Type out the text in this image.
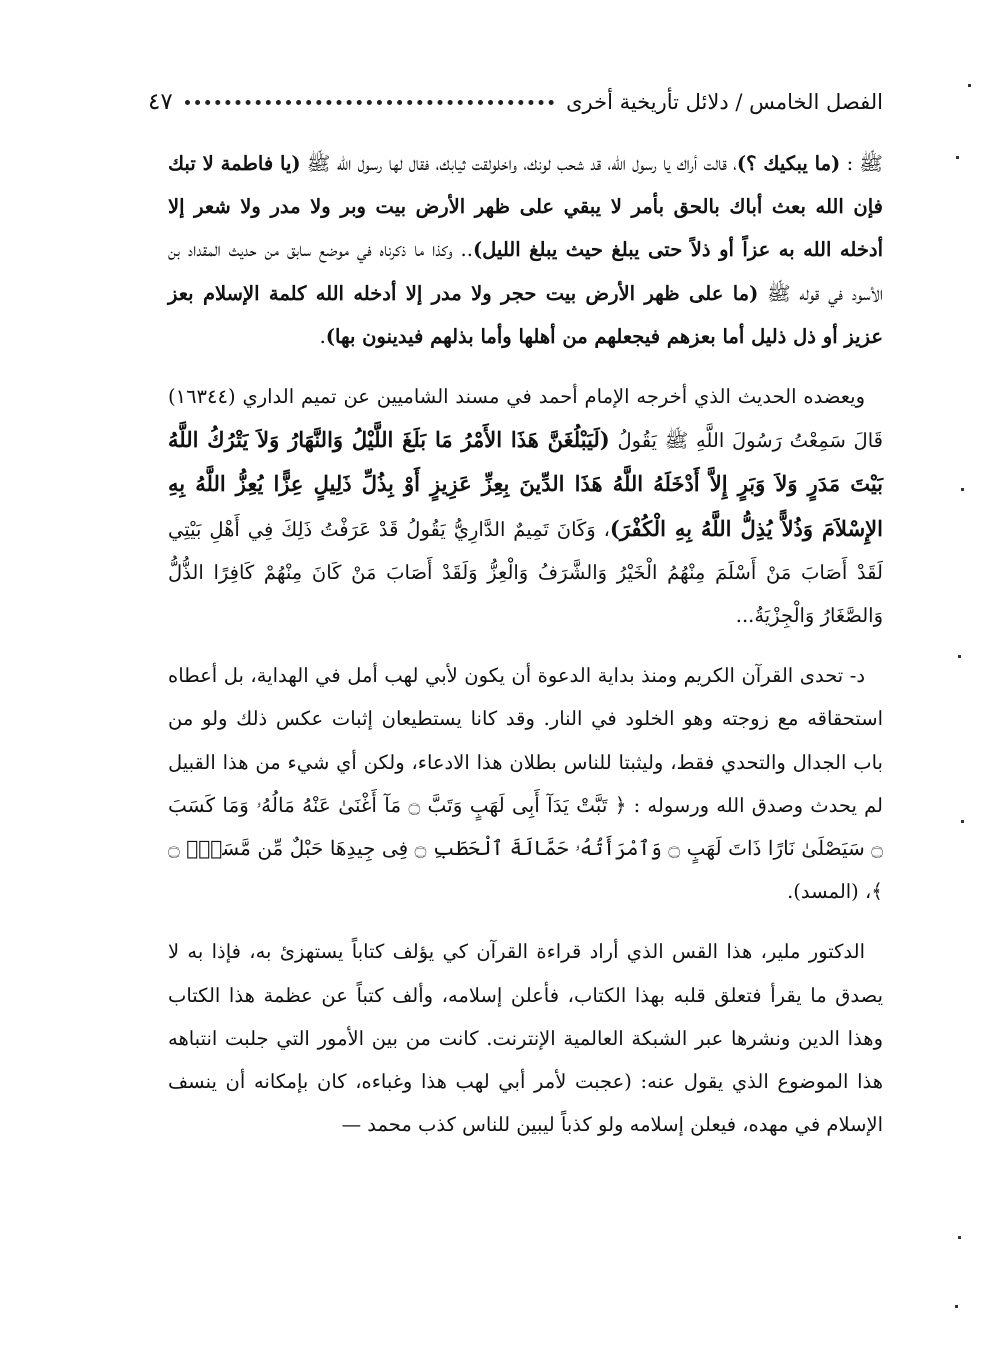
الفصل الخامس / دلائل تأريخية أخرى
٤٧

ﷺ : (ما يبكيك ؟)، قالت أراك يا رسول الله، قد شحب لونك، واخلولقت ثيابك، فقال لها رسول الله ﷺ (يا فاطمة لا تبك فإن الله بعث أباك بالحق بأمر لا يبقي على ظهر الأرض بيت وبر ولا مدر ولا شعر إلا أدخله الله به عزاً أو ذلاً حتى يبلغ حيث يبلغ الليل).. وكذا ما ذكرناه في موضع سابق من حديث المقداد بن الأسود في قوله ﷺ (ما على ظهر الأرض بيت حجر ولا مدر إلا أدخله الله كلمة الإسلام بعز عزيز أو ذل ذليل أما بعزهم فيجعلهم من أهلها وأما بذلهم فيدينون بها).

ويعضده الحديث الذي أخرجه الإمام أحمد في مسند الشاميين عن تميم الداري (١٦٣٤٤) قَالَ سَمِعْتُ رَسُولَ اللَّهِ ﷺ يَقُولُ (لَيَبْلُغَنَّ هَذَا الأَمْرُ مَا بَلَغَ اللَّيْلُ وَالنَّهَارُ وَلاَ يَتْرُكُ اللَّهُ بَيْتَ مَدَرٍ وَلاَ وَبَرٍ إِلاَّ أَدْخَلَهُ اللَّهُ هَذَا الدِّينَ بِعِزِّ عَزِيزٍ أَوْ بِذُلِّ ذَلِيلٍ عِزًّا يُعِزُّ اللَّهُ بِهِ الإِسْلاَمَ وَذُلاًّ يُذِلُّ اللَّهُ بِهِ الْكُفْرَ)، وَكَانَ تَمِيمٌ الدَّارِيُّ يَقُولُ قَدْ عَرَفْتُ ذَلِكَ فِي أَهْلِ بَيْتِي لَقَدْ أَصَابَ مَنْ أَسْلَمَ مِنْهُمُ الْخَيْرُ وَالشَّرَفُ وَالْعِزُّ وَلَقَدْ أَصَابَ مَنْ كَانَ مِنْهُمْ كَافِرًا الذُّلُّ وَالصَّغَارُ وَالْجِزْيَةُ...

د- تحدى القرآن الكريم ومنذ بداية الدعوة أن يكون لأبي لهب أمل في الهداية، بل أعطاه استحقاقه مع زوجته وهو الخلود في النار. وقد كانا يستطيعان إثبات عكس ذلك ولو من باب الجدال والتحدي فقط، وليثبتا للناس بطلان هذا الادعاء، ولكن أي شيء من هذا القبيل لم يحدث وصدق الله ورسوله : ﴿ تَبَّتْ يَدَآ أَبِى لَهَبٍ وَتَبَّ ۝ مَآ أَغْنَىٰ عَنْهُ مَالُهُۥ وَمَا كَسَبَ ۝ سَيَصْلَىٰ نَارًا ذَاتَ لَهَبٍ ۝ وَٱمْرَأَتُهُۥ حَمَّالَةَ ٱلْحَطَبِ ۝ فِى جِيدِهَا حَبْلٌ مِّن مَّسَدٍۭ ۝ ﴾، (المسد).

الدكتور ملير، هذا القس الذي أراد قراءة القرآن كي يؤلف كتاباً يستهزئ به، فإذا به لا يصدق ما يقرأ فتعلق قلبه بهذا الكتاب، فأعلن إسلامه، وألف كتباً عن عظمة هذا الكتاب وهذا الدين ونشرها عبر الشبكة العالمية الإنترنت. كانت من بين الأمور التي جلبت انتباهه هذا الموضوع الذي يقول عنه: (عجبت لأمر أبي لهب هذا وغباءه، كان بإمكانه أن ينسف الإسلام في مهده، فيعلن إسلامه ولو كذباً ليبين للناس كذب محمد —
